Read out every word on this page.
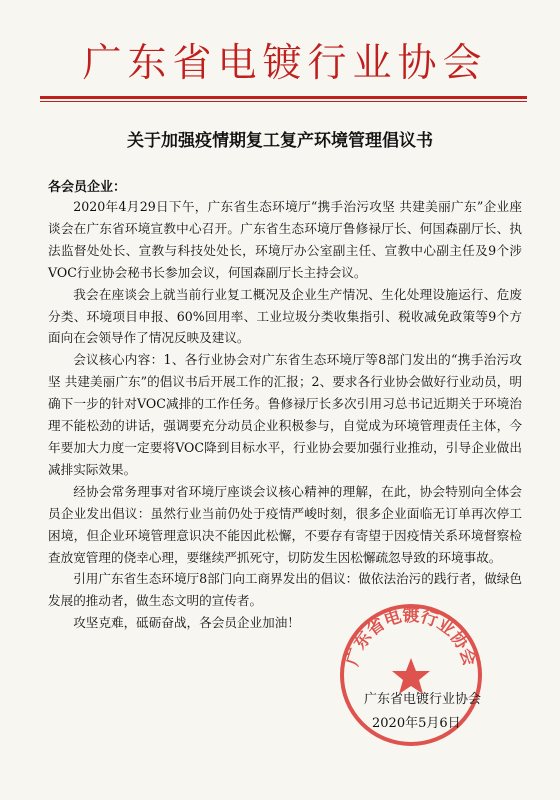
广东省电镀行业协会
关于加强疫情期复工复产环境管理倡议书
各会员企业：

2020年4月29日下午，广东省生态环境厅“携手治污攻坚 共建美丽广东”企业座谈会在广东省环境宣教中心召开。广东省生态环境厅鲁修禄厅长、何国森副厅长、执法监督处处长、宣教与科技处处长，环境厅办公室副主任、宣教中心副主任及9个涉VOC行业协会秘书长参加会议，何国森副厅长主持会议。

我会在座谈会上就当前行业复工概况及企业生产情况、生化处理设施运行、危废分类、环境项目申报、60%回用率、工业垃圾分类收集指引、税收减免政策等9个方面向在会领导作了情况反映及建议。

会议核心内容：1、各行业协会对广东省生态环境厅等8部门发出的“携手治污攻坚 共建美丽广东”的倡议书后开展工作的汇报；2、要求各行业协会做好行业动员，明确下一步的针对VOC减排的工作任务。鲁修禄厅长多次引用习总书记近期关于环境治理不能松劲的讲话，强调要充分动员企业积极参与，自觉成为环境管理责任主体，今年要加大力度一定要将VOC降到目标水平，行业协会要加强行业推动，引导企业做出减排实际效果。

经协会常务理事对省环境厅座谈会议核心精神的理解，在此，协会特别向全体会员企业发出倡议：虽然行业当前仍处于疫情严峻时刻，很多企业面临无订单再次停工困境，但企业环境管理意识决不能因此松懈，不要存有寄望于因疫情关系环境督察检查放宽管理的侥幸心理，要继续严抓死守，切防发生因松懈疏忽导致的环境事故。

引用广东省生态环境厅8部门向工商界发出的倡议：做依法治污的践行者，做绿色发展的推动者，做生态文明的宣传者。

攻坚克难，砥砺奋战，各会员企业加油！

广东省电镀行业协会
广东省电镀行业协会
2020年5月6日
